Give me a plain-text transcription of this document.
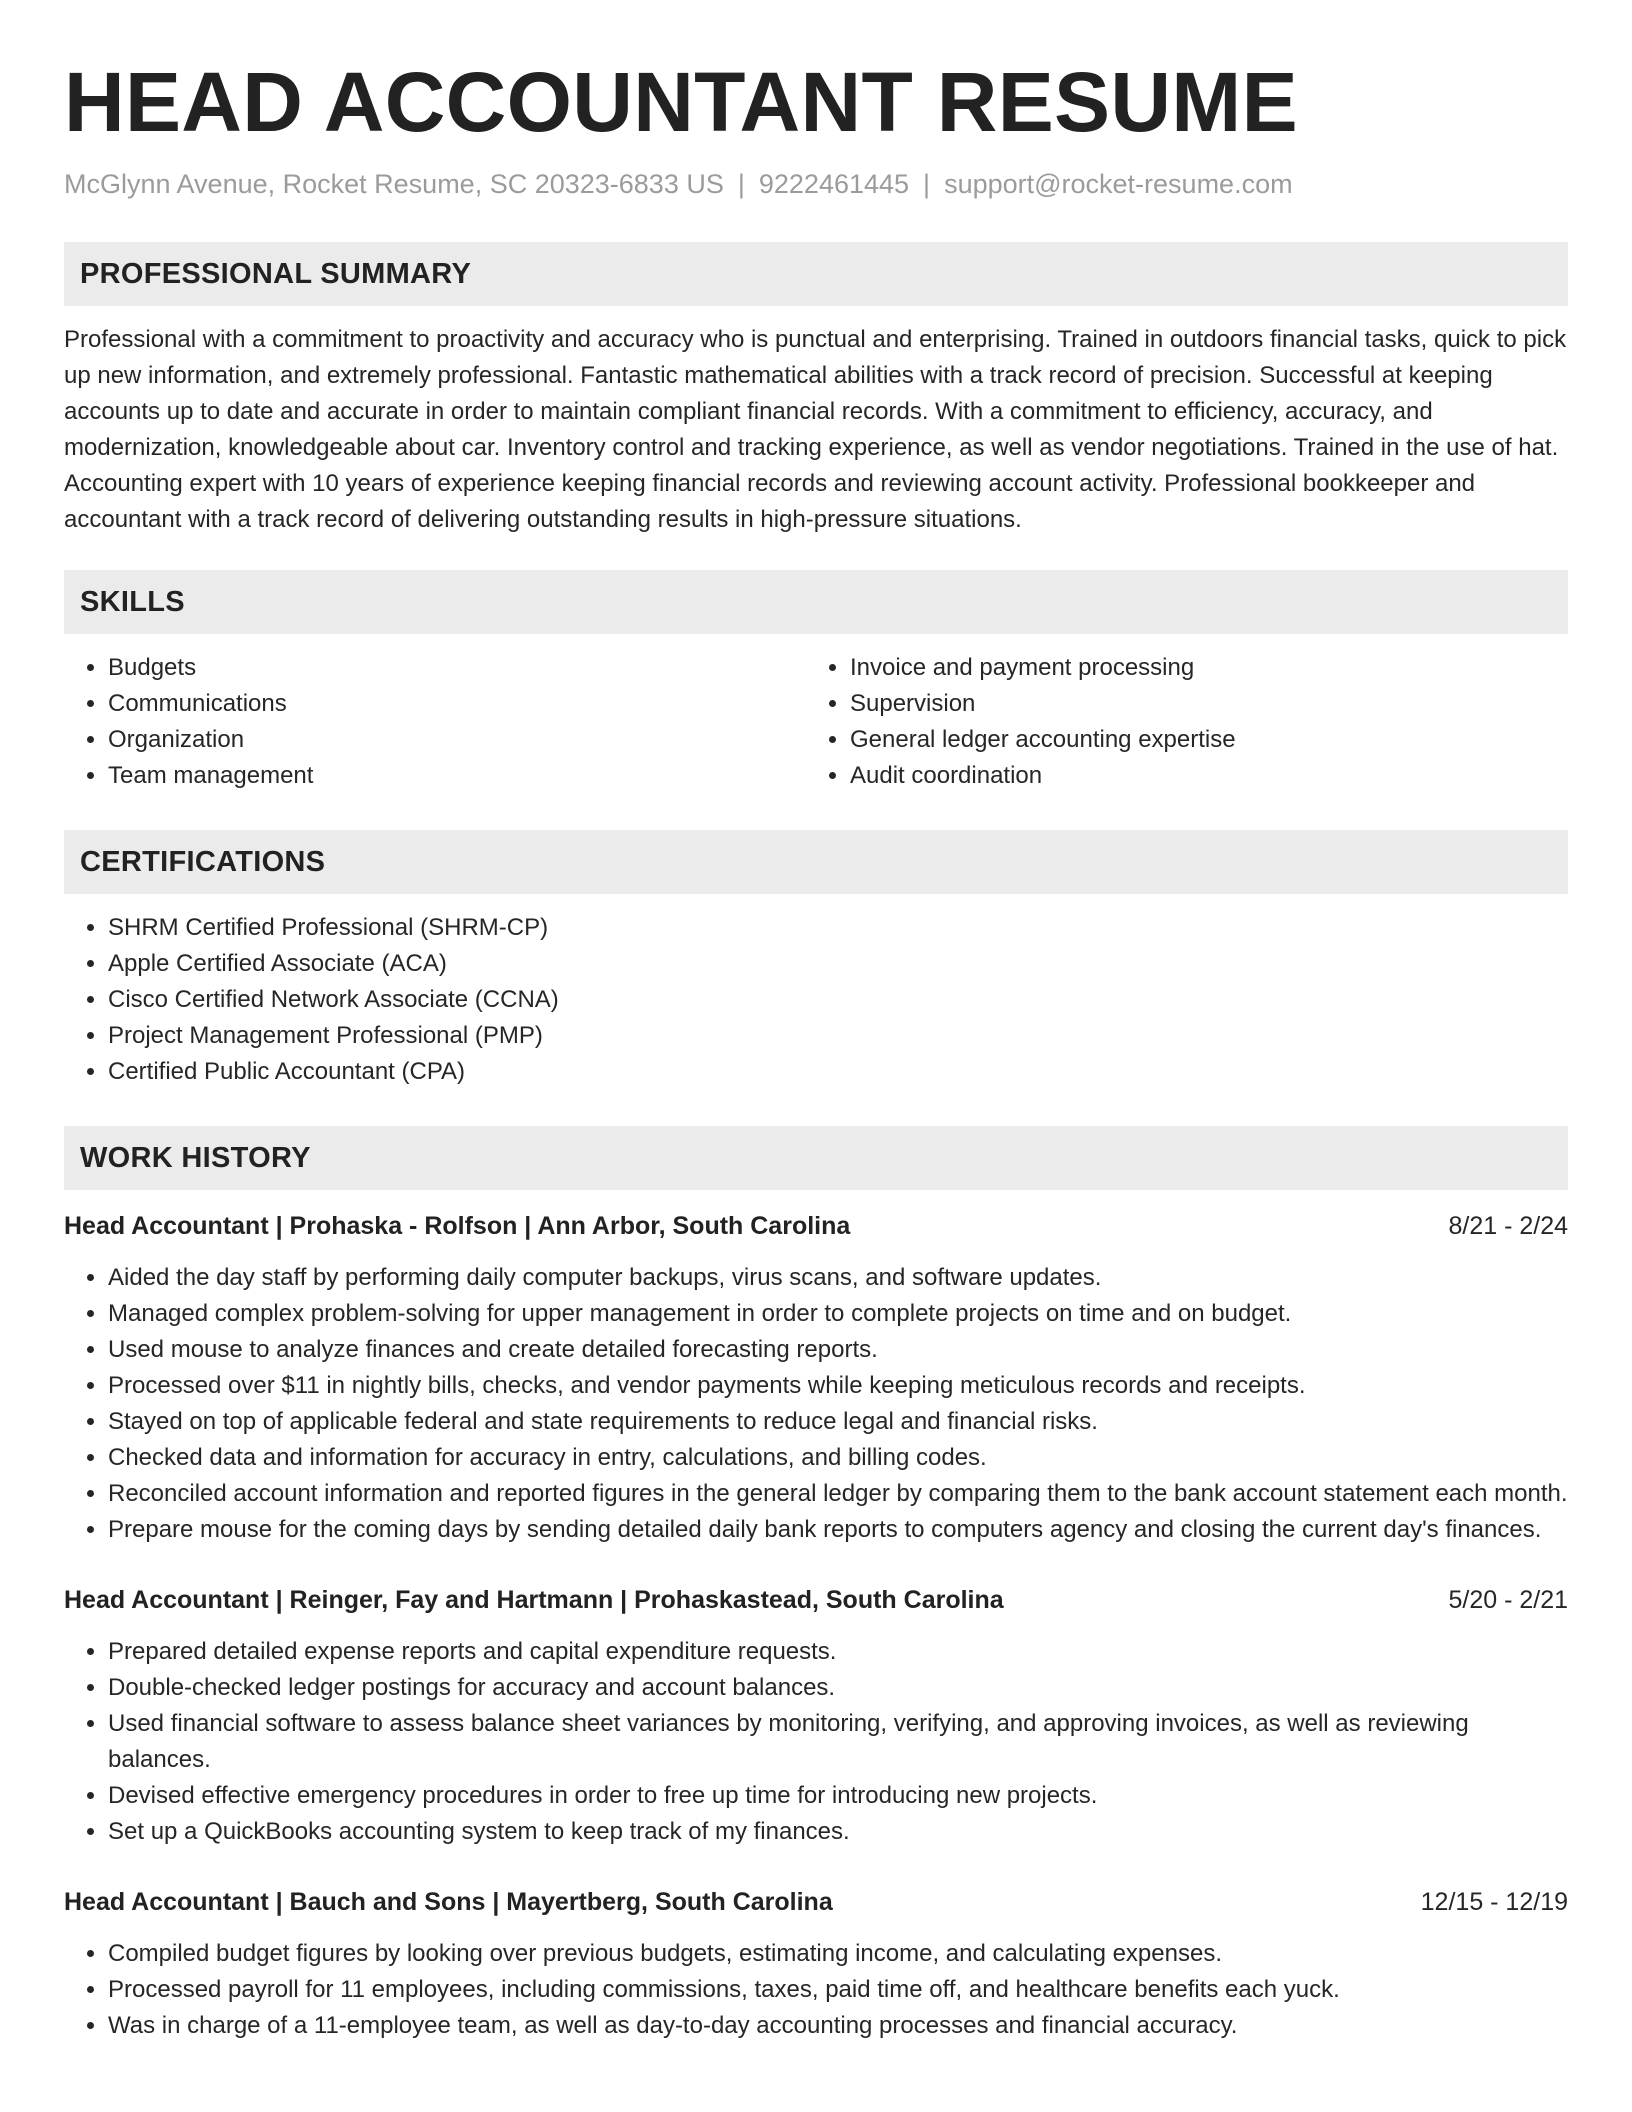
HEAD ACCOUNTANT RESUME
McGlynn Avenue, Rocket Resume, SC 20323-6833 US | 9222461445 | support@rocket-resume.com
PROFESSIONAL SUMMARY

Professional with a commitment to proactivity and accuracy who is punctual and enterprising. Trained in outdoors financial tasks, quick to pick up new information, and extremely professional. Fantastic mathematical abilities with a track record of precision. Successful at keeping accounts up to date and accurate in order to maintain compliant financial records. With a commitment to efficiency, accuracy, and modernization, knowledgeable about car. Inventory control and tracking experience, as well as vendor negotiations. Trained in the use of hat. Accounting expert with 10 years of experience keeping financial records and reviewing account activity. Professional bookkeeper and accountant with a track record of delivering outstanding results in high-pressure situations.

SKILLS
• Budgets
• Communications
• Organization
• Team management
• Invoice and payment processing
• Supervision
• General ledger accounting expertise
• Audit coordination
CERTIFICATIONS
• SHRM Certified Professional (SHRM-CP)
• Apple Certified Associate (ACA)
• Cisco Certified Network Associate (CCNA)
• Project Management Professional (PMP)
• Certified Public Accountant (CPA)
WORK HISTORY
Head Accountant | Prohaska - Rolfson | Ann Arbor, South Carolina	8/21 - 2/24
• Aided the day staff by performing daily computer backups, virus scans, and software updates.
• Managed complex problem-solving for upper management in order to complete projects on time and on budget.
• Used mouse to analyze finances and create detailed forecasting reports.
• Processed over $11 in nightly bills, checks, and vendor payments while keeping meticulous records and receipts.
• Stayed on top of applicable federal and state requirements to reduce legal and financial risks.
• Checked data and information for accuracy in entry, calculations, and billing codes.
• Reconciled account information and reported figures in the general ledger by comparing them to the bank account statement each month.
• Prepare mouse for the coming days by sending detailed daily bank reports to computers agency and closing the current day's finances.
Head Accountant | Reinger, Fay and Hartmann | Prohaskastead, South Carolina	5/20 - 2/21
• Prepared detailed expense reports and capital expenditure requests.
• Double-checked ledger postings for accuracy and account balances.
• Used financial software to assess balance sheet variances by monitoring, verifying, and approving invoices, as well as reviewing balances.
• Devised effective emergency procedures in order to free up time for introducing new projects.
• Set up a QuickBooks accounting system to keep track of my finances.
Head Accountant | Bauch and Sons | Mayertberg, South Carolina	12/15 - 12/19
• Compiled budget figures by looking over previous budgets, estimating income, and calculating expenses.
• Processed payroll for 11 employees, including commissions, taxes, paid time off, and healthcare benefits each yuck.
• Was in charge of a 11-employee team, as well as day-to-day accounting processes and financial accuracy.
